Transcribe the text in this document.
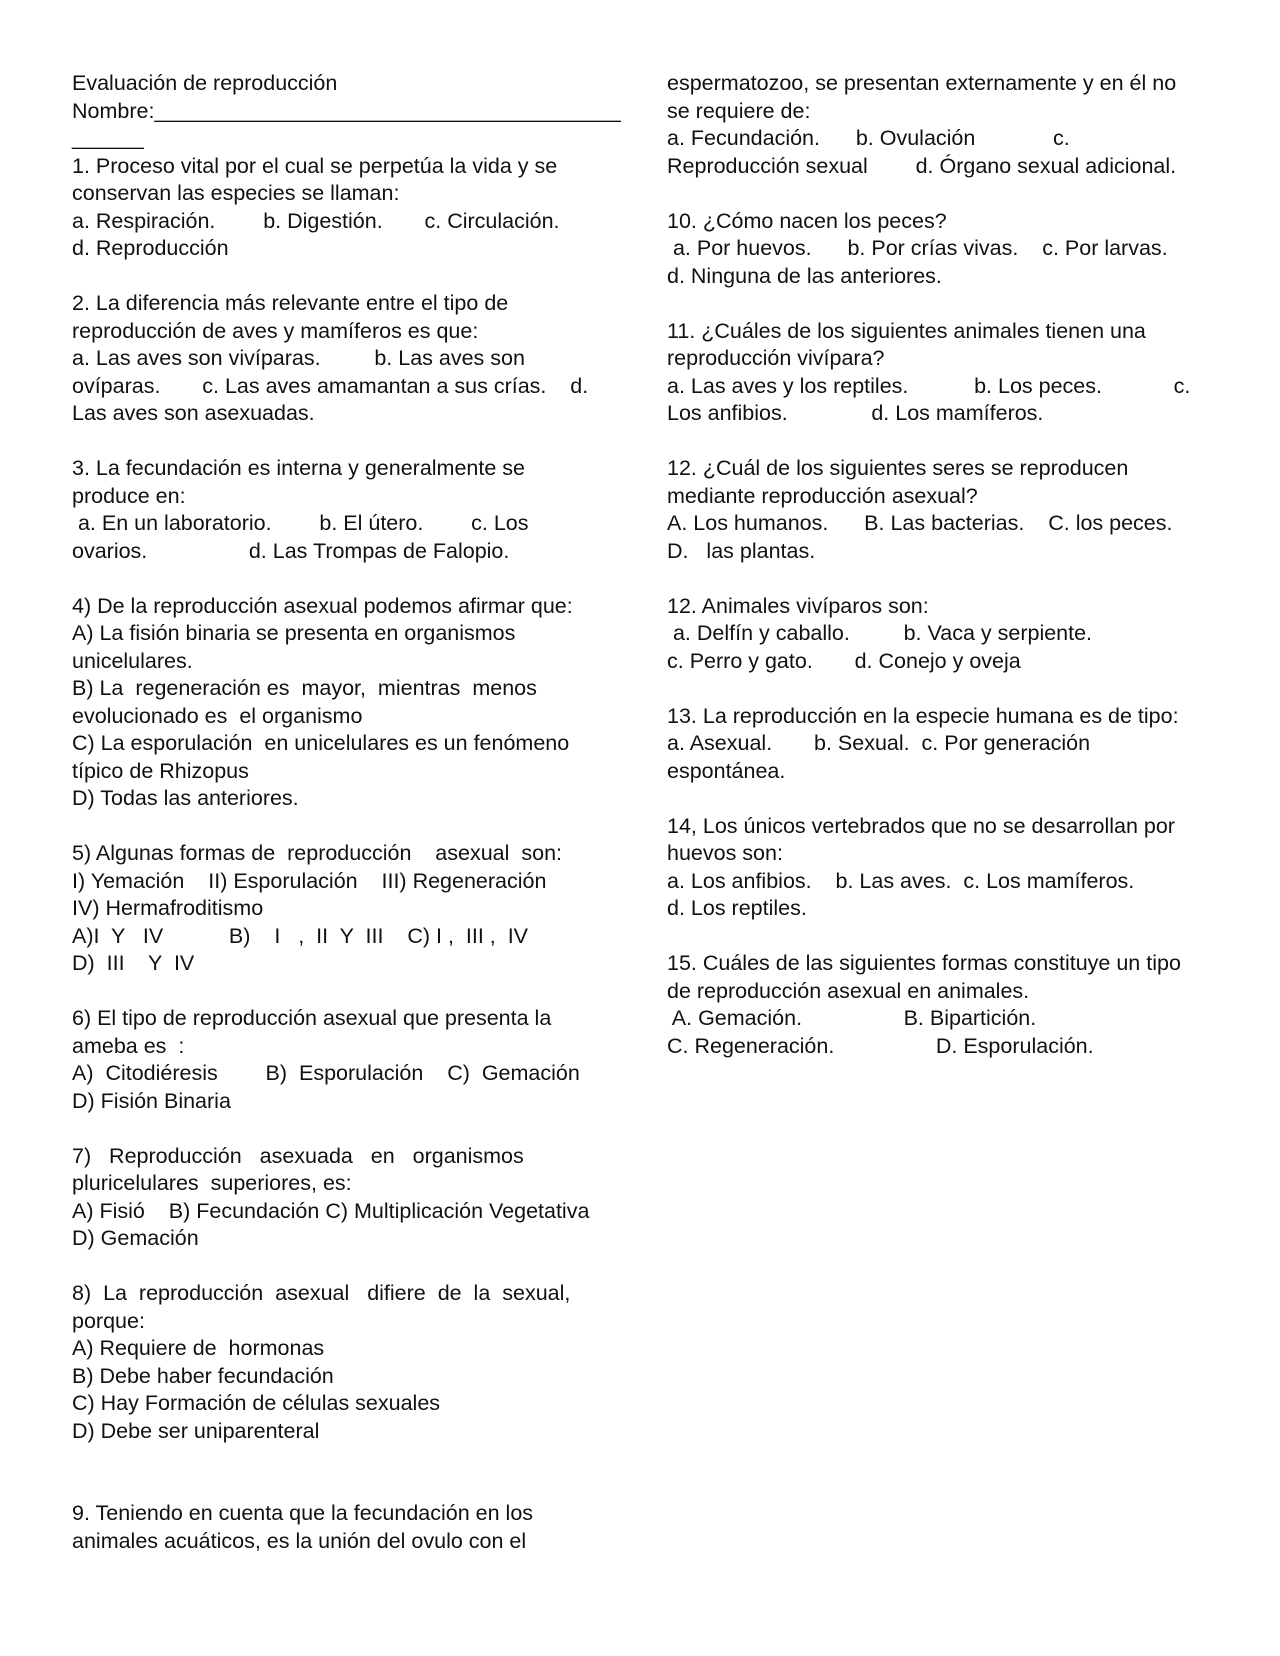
Evaluación de reproducción
Nombre:_______________________________________
______
1. Proceso vital por el cual se perpetúa la vida y se
conservan las especies se llaman:
a. Respiración.        b. Digestión.       c. Circulación.
d. Reproducción
2. La diferencia más relevante entre el tipo de
reproducción de aves y mamíferos es que:
a. Las aves son vivíparas.         b. Las aves son
ovíparas.       c. Las aves amamantan a sus crías.    d.
Las aves son asexuadas.
3. La fecundación es interna y generalmente se
produce en:
a. En un laboratorio.        b. El útero.        c. Los
ovarios.                 d. Las Trompas de Falopio.
4) De la reproducción asexual podemos afirmar que:
A) La fisión binaria se presenta en organismos
unicelulares.
B) La  regeneración es  mayor,  mientras  menos
evolucionado es  el organismo
C) La esporulación  en unicelulares es un fenómeno
típico de Rhizopus
D) Todas las anteriores.
5) Algunas formas de  reproducción    asexual  son:
I) Yemación    II) Esporulación    III) Regeneración
IV) Hermafroditismo
A)I  Y   IV           B)    I   ,  II  Y  III    C) I ,  III ,  IV
D)  III    Y  IV
6) El tipo de reproducción asexual que presenta la
ameba es  :
A)  Citodiéresis        B)  Esporulación    C)  Gemación
D) Fisión Binaria
7)   Reproducción   asexuada   en   organismos
pluricelulares  superiores, es:
A) Fisió    B) Fecundación C) Multiplicación Vegetativa
D) Gemación
8)  La  reproducción  asexual   difiere  de  la  sexual,
porque:
A) Requiere de  hormonas
B) Debe haber fecundación
C) Hay Formación de células sexuales
D) Debe ser uniparenteral
9. Teniendo en cuenta que la fecundación en los
animales acuáticos, es la unión del ovulo con el
espermatozoo, se presentan externamente y en él no
se requiere de:
a. Fecundación.      b. Ovulación             c.
Reproducción sexual        d. Órgano sexual adicional.
10. ¿Cómo nacen los peces?
a. Por huevos.      b. Por crías vivas.    c. Por larvas.
d. Ninguna de las anteriores.
11. ¿Cuáles de los siguientes animales tienen una
reproducción vivípara?
a. Las aves y los reptiles.           b. Los peces.            c.
Los anfibios.              d. Los mamíferos.
12. ¿Cuál de los siguientes seres se reproducen
mediante reproducción asexual?
A. Los humanos.      B. Las bacterias.    C. los peces.
D.   las plantas.
12. Animales vivíparos son:
a. Delfín y caballo.         b. Vaca y serpiente.
c. Perro y gato.       d. Conejo y oveja
13. La reproducción en la especie humana es de tipo:
a. Asexual.       b. Sexual.  c. Por generación
espontánea.
14, Los únicos vertebrados que no se desarrollan por
huevos son:
a. Los anfibios.    b. Las aves.  c. Los mamíferos.
d. Los reptiles.
15. Cuáles de las siguientes formas constituye un tipo
de reproducción asexual en animales.
A. Gemación.                 B. Bipartición.
C. Regeneración.                 D. Esporulación.
